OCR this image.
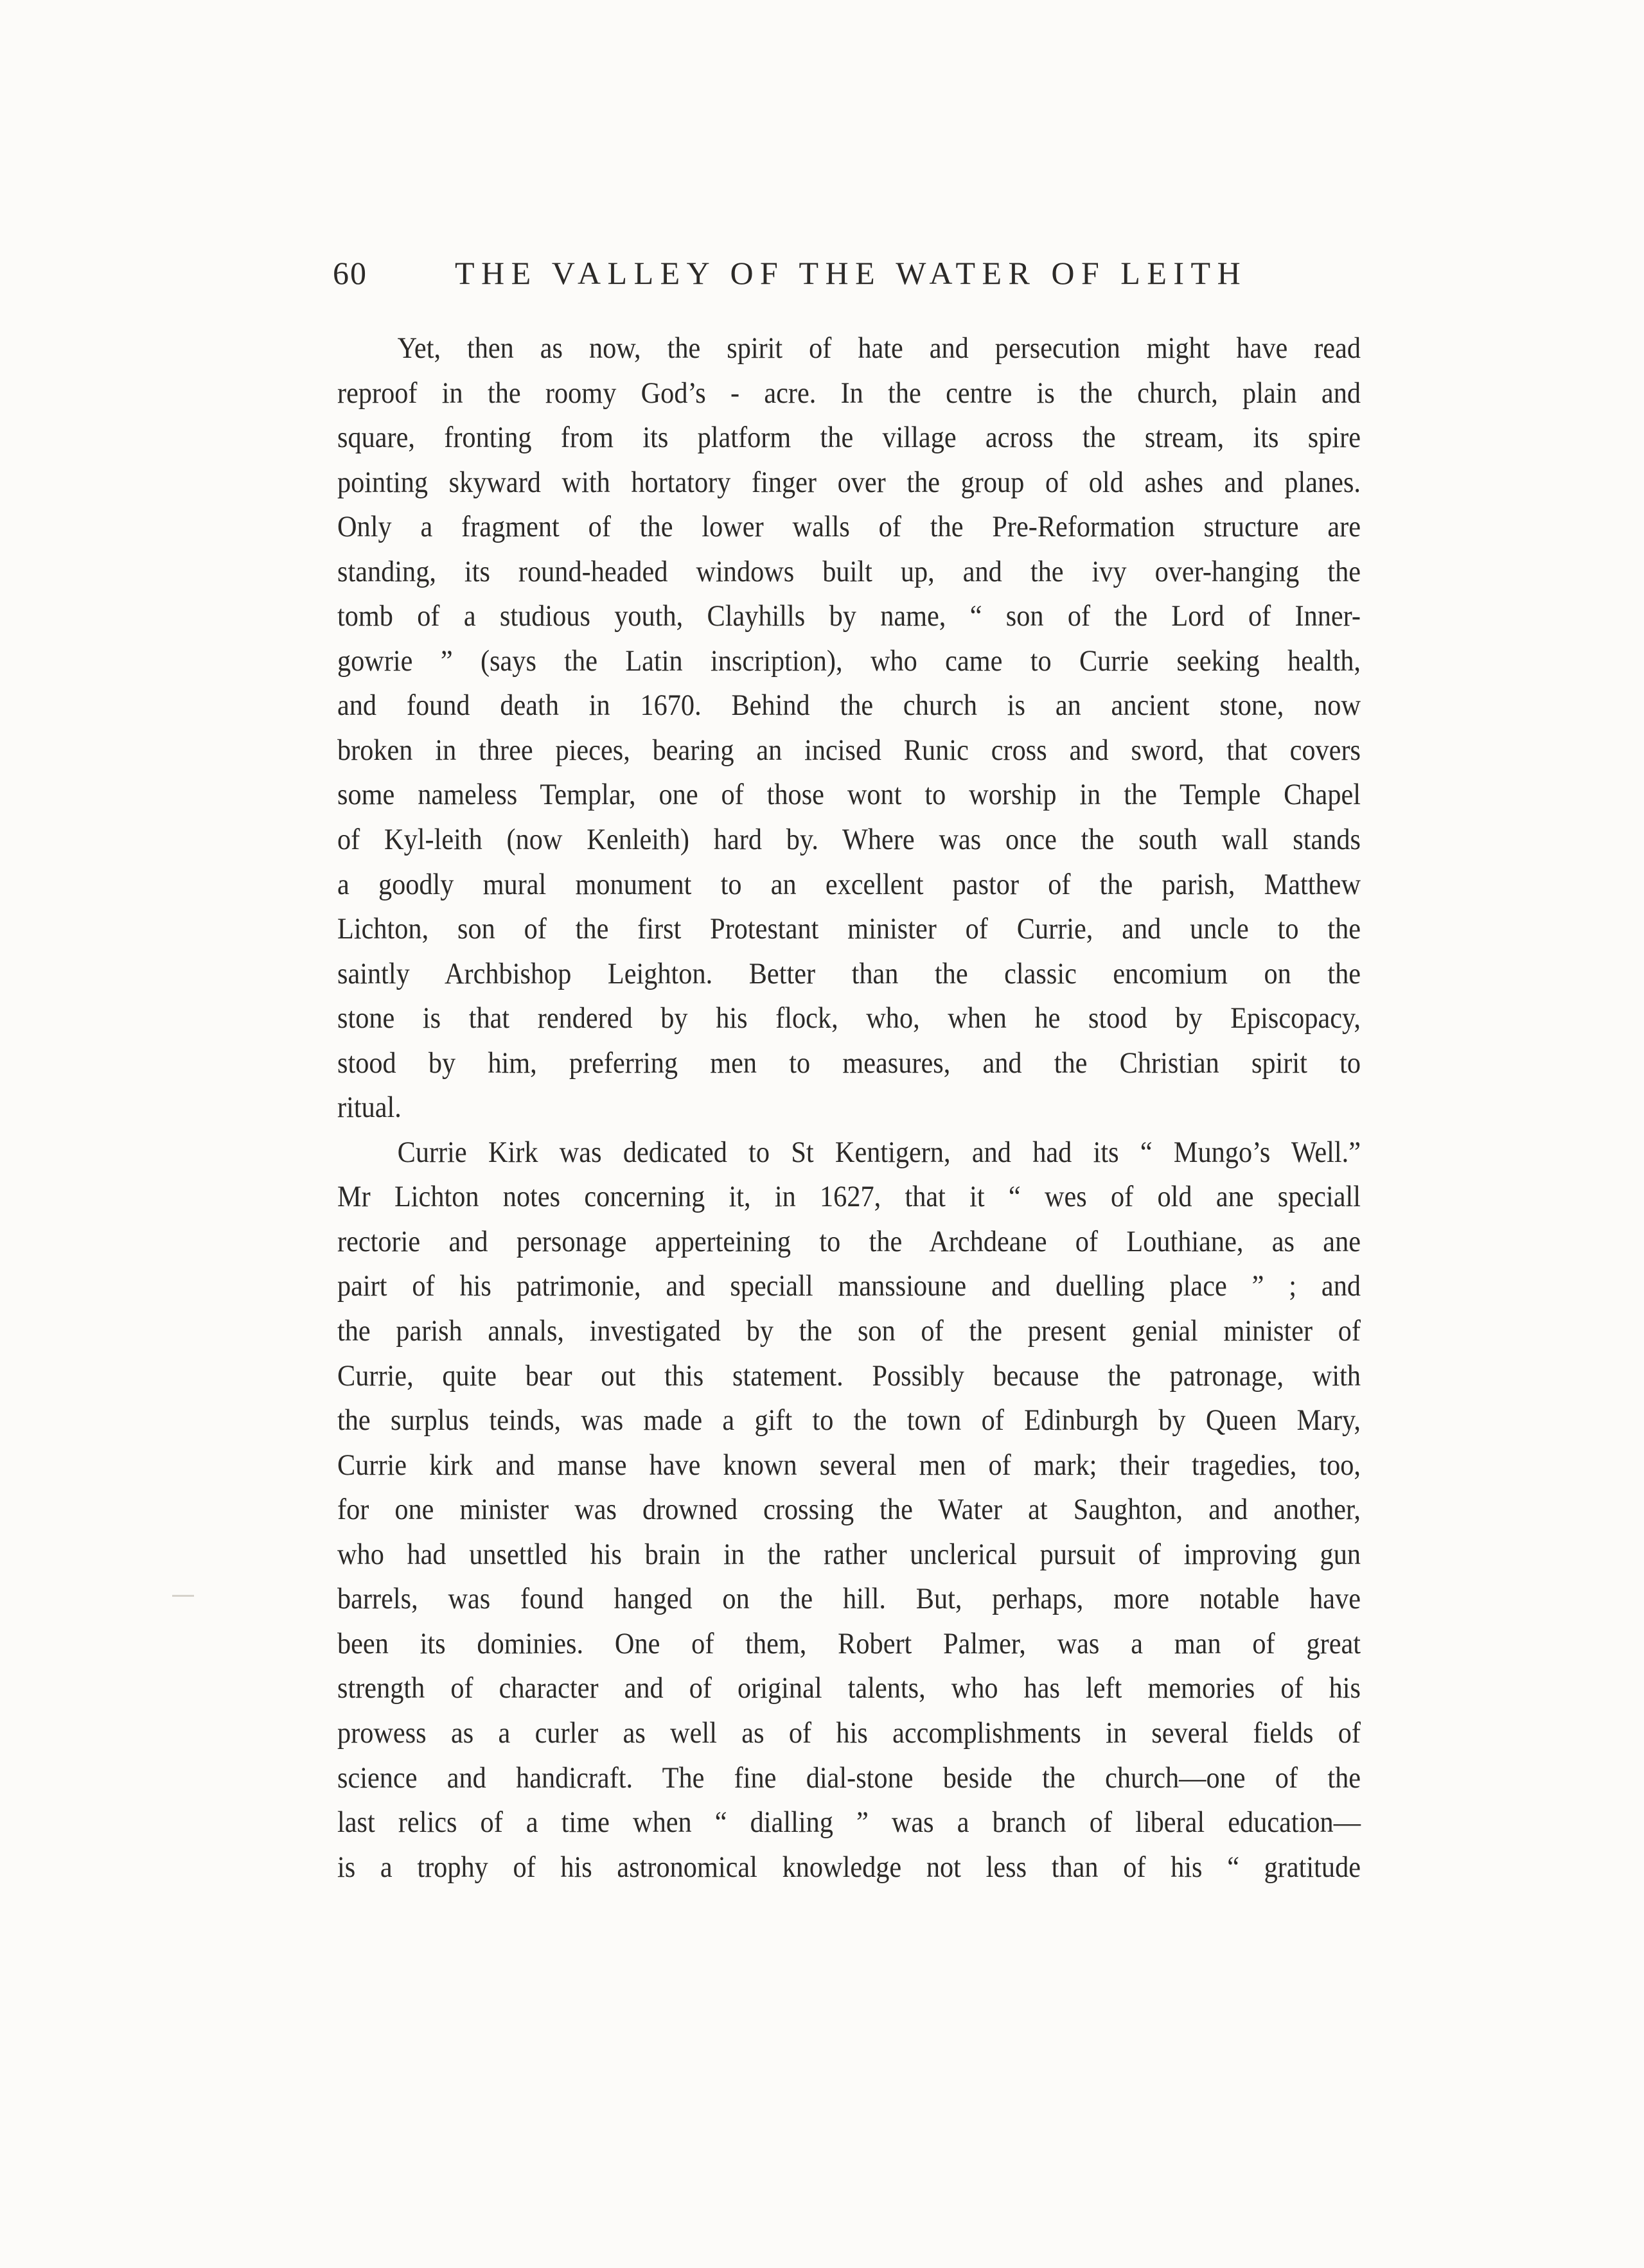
60	THE VALLEY OF THE WATER OF LEITH
Yet, then as now, the spirit of hate and persecution might have read
reproof in the roomy God’s - acre. In the centre is the church, plain and
square, fronting from its platform the village across the stream, its spire
pointing skyward with hortatory finger over the group of old ashes and planes.
Only a fragment of the lower walls of the Pre-Reformation structure are
standing, its round-headed windows built up, and the ivy over-hanging the
tomb of a studious youth, Clayhills by name, “ son of the Lord of Inner-
gowrie ” (says the Latin inscription), who came to Currie seeking health,
and found death in 1670. Behind the church is an ancient stone, now
broken in three pieces, bearing an incised Runic cross and sword, that covers
some nameless Templar, one of those wont to worship in the Temple Chapel
of Kyl-leith (now Kenleith) hard by. Where was once the south wall stands
a goodly mural monument to an excellent pastor of the parish, Matthew
Lichton, son of the first Protestant minister of Currie, and uncle to the
saintly Archbishop Leighton. Better than the classic encomium on the
stone is that rendered by his flock, who, when he stood by Episcopacy,
stood by him, preferring men to measures, and the Christian spirit to
ritual.
Currie Kirk was dedicated to St Kentigern, and had its “ Mungo’s Well.”
Mr Lichton notes concerning it, in 1627, that it “ wes of old ane speciall
rectorie and personage apperteining to the Archdeane of Louthiane, as ane
pairt of his patrimonie, and speciall manssioune and duelling place ” ; and
the parish annals, investigated by the son of the present genial minister of
Currie, quite bear out this statement. Possibly because the patronage, with
the surplus teinds, was made a gift to the town of Edinburgh by Queen Mary,
Currie kirk and manse have known several men of mark; their tragedies, too,
for one minister was drowned crossing the Water at Saughton, and another,
who had unsettled his brain in the rather unclerical pursuit of improving gun
barrels, was found hanged on the hill. But, perhaps, more notable have
been its dominies. One of them, Robert Palmer, was a man of great
strength of character and of original talents, who has left memories of his
prowess as a curler as well as of his accomplishments in several fields of
science and handicraft. The fine dial-stone beside the church—one of the
last relics of a time when “ dialling ” was a branch of liberal education—
is a trophy of his astronomical knowledge not less than of his “ gratitude
